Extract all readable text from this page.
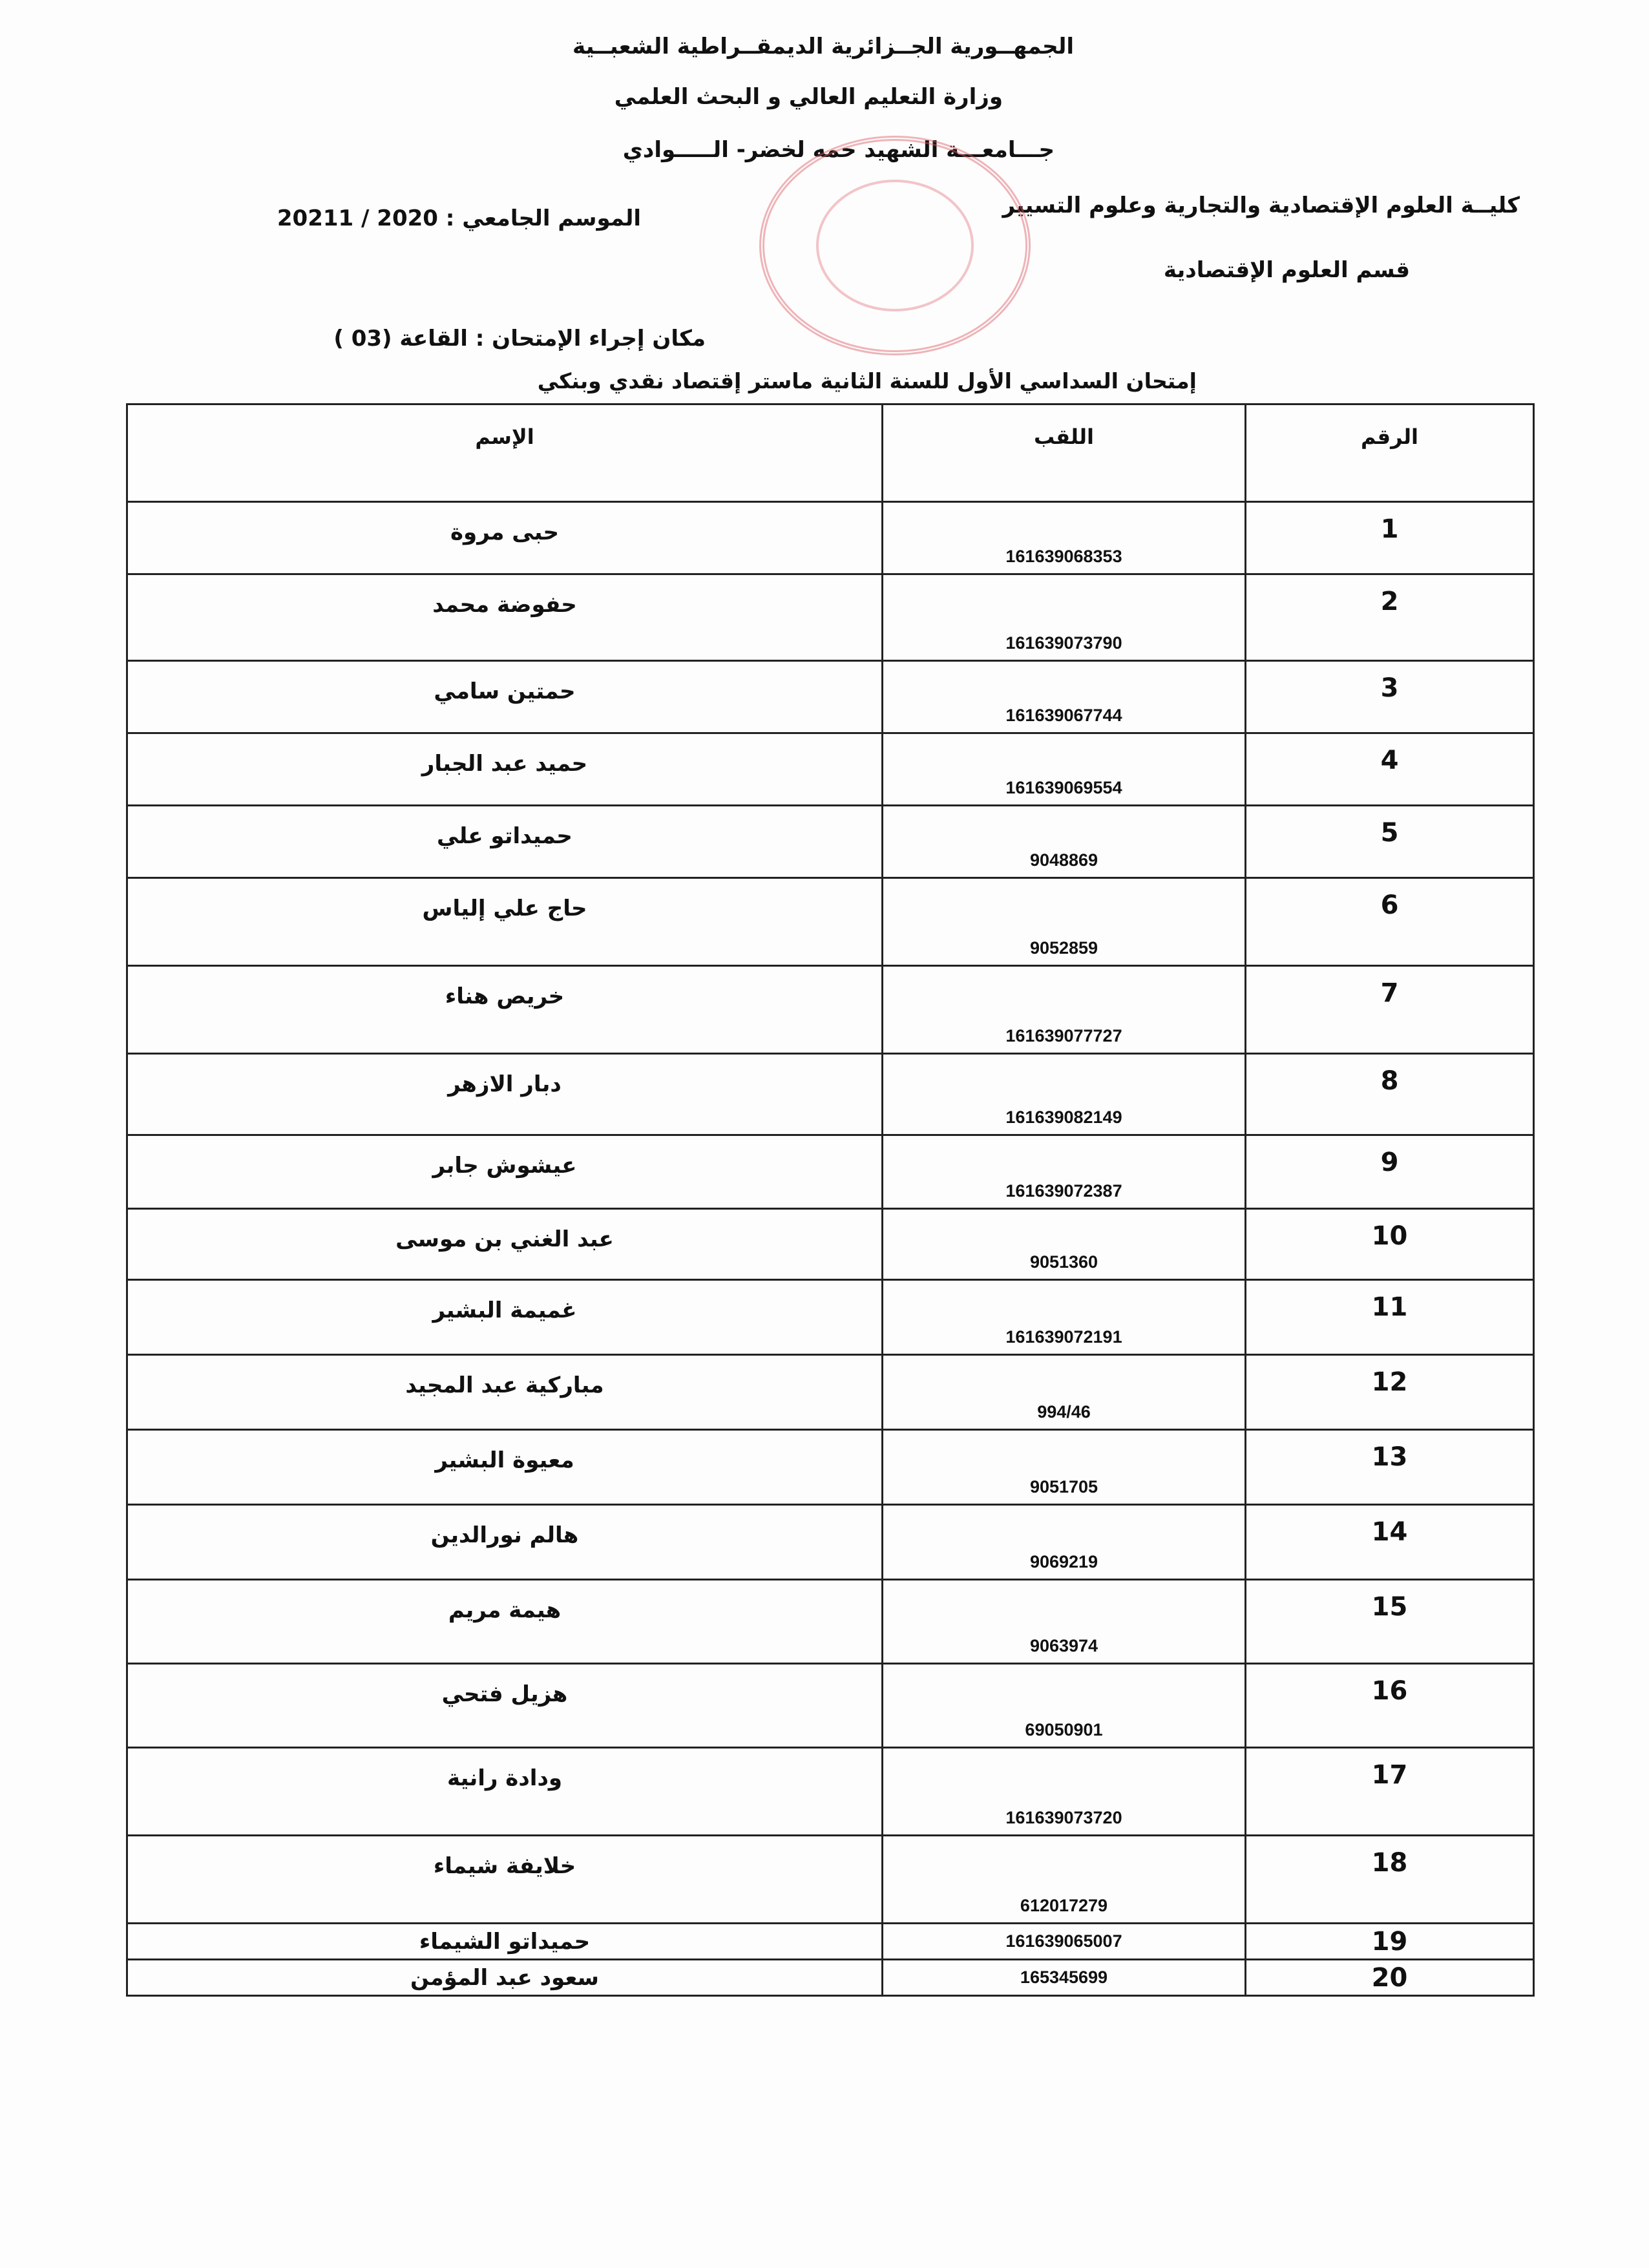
الجمهــورية الجــزائرية الديمقــراطية الشعبــية
وزارة التعليم العالي و البحث العلمي
جـــامعـــة الشهيد حمه لخضر- الـــــوادي
كليــة العلوم الإقتصادية والتجارية وعلوم التسيير
قسم العلوم الإقتصادية
الموسم الجامعي : 2020 / 20211
مكان إجراء الإمتحان : القاعة (03 )
إمتحان السداسي الأول للسنة الثانية ماستر إقتصاد نقدي وبنكي
الرقم	اللقب	الإسم
1	161639068353	حبى مروة
2	161639073790	حفوضة محمد
3	161639067744	حمتين سامي
4	161639069554	حميد عبد الجبار
5	9048869	حميداتو علي
6	9052859	حاج علي إلياس
7	161639077727	خريص هناء
8	161639082149	دبار الازهر
9	161639072387	عيشوش جابر
10	9051360	عبد الغني بن موسى
11	161639072191	غميمة البشير
12	994/46	مباركية عبد المجيد
13	9051705	معيوة البشير
14	9069219	هالم نورالدين
15	9063974	هيمة مريم
16	69050901	هزيل فتحي
17	161639073720	ودادة رانية
18	612017279	خلايفة شيماء
19	161639065007	حميداتو الشيماء
20	165345699	سعود عبد المؤمن
